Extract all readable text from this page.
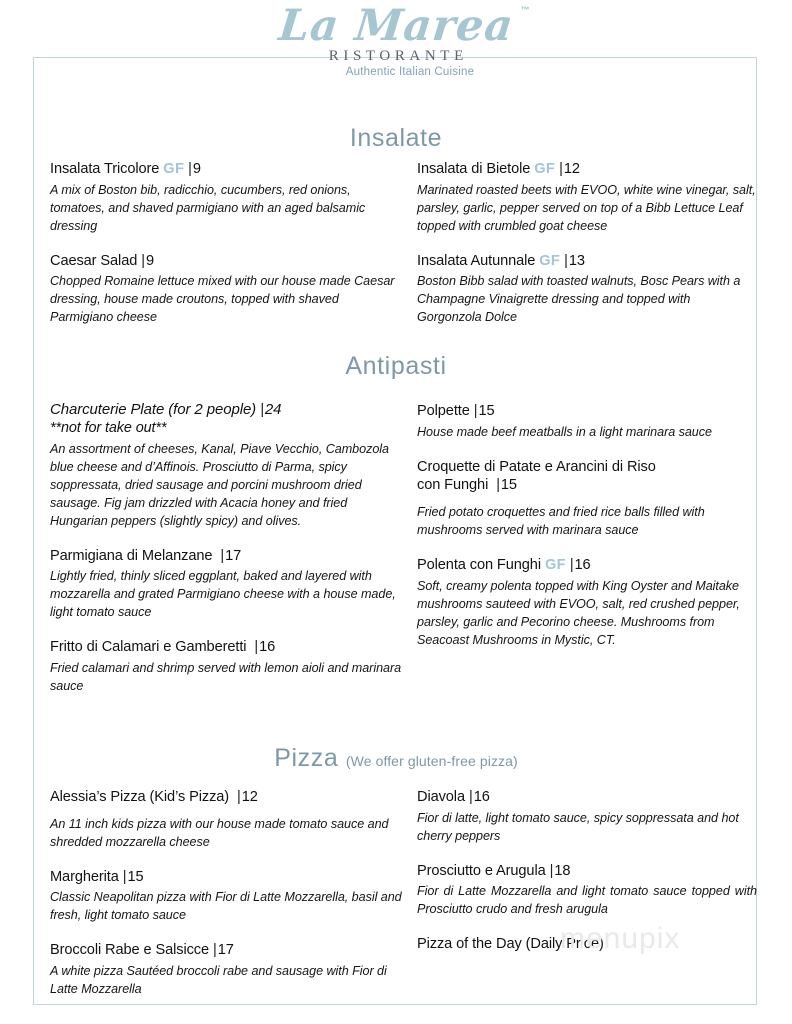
La Marea ™
RISTORANTE
Authentic Italian Cuisine
Insalate

Insalata Tricolore GF |9

A mix of Boston bib, radicchio, cucumbers, red onions, tomatoes, and shaved parmigiano with an aged balsamic dressing

Caesar Salad |9

Chopped Romaine lettuce mixed with our house made Caesar dressing, house made croutons, topped with shaved Parmigiano cheese

Insalata di Bietole GF |12

Marinated roasted beets with EVOO, white wine vinegar, salt, parsley, garlic, pepper served on top of a Bibb Lettuce Leaf topped with crumbled goat cheese

Insalata Autunnale GF |13

Boston Bibb salad with toasted walnuts, Bosc Pears with a Champagne Vinaigrette dressing and topped with Gorgonzola Dolce

Antipasti

Charcuterie Plate (for 2 people) |24
**not for take out**

An assortment of cheeses, Kanal, Piave Vecchio, Cambozola blue cheese and d’Affinois. Prosciutto di Parma, spicy soppressata, dried sausage and porcini mushroom dried sausage. Fig jam drizzled with Acacia honey and fried Hungarian peppers (slightly spicy) and olives.

Parmigiana di Melanzane |17

Lightly fried, thinly sliced eggplant, baked and layered with mozzarella and grated Parmigiano cheese with a house made, light tomato sauce

Fritto di Calamari e Gamberetti |16

Fried calamari and shrimp served with lemon aioli and marinara sauce

Polpette |15

House made beef meatballs in a light marinara sauce

Croquette di Patate e Arancini di Riso
con Funghi |15

Fried potato croquettes and fried rice balls filled with mushrooms served with marinara sauce

Polenta con Funghi GF |16

Soft, creamy polenta topped with King Oyster and Maitake mushrooms sauteed with EVOO, salt, red crushed pepper, parsley, garlic and Pecorino cheese. Mushrooms from Seacoast Mushrooms in Mystic, CT.

Pizza (We offer gluten-free pizza)

Alessia’s Pizza (Kid’s Pizza) |12

An 11 inch kids pizza with our house made tomato sauce and shredded mozzarella cheese

Margherita |15

Classic Neapolitan pizza with Fior di Latte Mozzarella, basil and fresh, light tomato sauce

Broccoli Rabe e Salsicce |17

A white pizza Sautéed broccoli rabe and sausage with Fior di Latte Mozzarella

Diavola |16

Fior di latte, light tomato sauce, spicy soppressata and hot cherry peppers

Prosciutto e Arugula |18

Fior di Latte Mozzarella and light tomato sauce topped with Prosciutto crudo and fresh arugula

Pizza of the Day (Daily Price)

menupix
